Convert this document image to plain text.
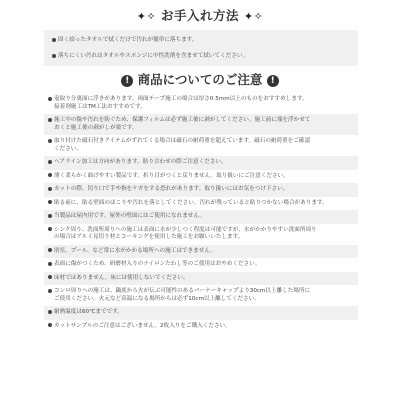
✦✧ お手入れ方法 ✦✧
固く絞ったタオルで拭くだけで汚れが簡単に落ちます。
落ちにくい汚れはタオルやスポンジに中性洗剤を含ませて拭いてください。
! 商品についてのご注意 !
壺取り分裏面に浮きがあります。両面テープ施工の場合は厚さ0.5mm以上のものをおすすめします。
接着剤施工はTM工法おすすめです。
施工中の傷や汚れを防ぐため、保護フィルムは必ず施工後に剥がしてください。施工前に端を浮かせて
おくと施工後の剥がしが楽です。
取り付けた磁石付きアイテムがずれてくる場合は磁石の耐荷重を超えています。磁石の耐荷重をご確認
ください。
ヘアライン加工は方向があります。貼り合わせの際ご注意ください。
薄く柔らかく曲げやすい製品です。折り目がつくと戻りません。取り扱いにご注意ください。
カットの際、切り口で手や指をケガをする恐れがあります。取り扱いにはお気をつけ下さい。
貼る前に、貼る壁面のほこりや汚れを落としてください。汚れが残っていると貼りつかない場合があります。
当製品は屋内用です。屋外の壁面にはご使用になれません。
シンク周り、洗面所周りへの施工は表面に水が少しつく程度は可能ですが、水がかかりやすい洗面所周り
の場合はアルミ見切り材とコーキングを使用した施工をお願いいたします。
浴室、プール、など常に水がかかる場所への施工はできません。
表面に傷がつくため、研磨材入りのナイロンたわし等のご使用はおやめください。
床材ではありません。床には使用しないでください。
コンロ周りへの施工は、鍋底から火が伝ぶ可能性のあるバーナーキャップより30cm以上離した場所に
ご使用ください。火元など高温になる場所からは必ず10cm以上離してください。
耐熱温度は60℃までです。
カットサンプルのご注意はございません。2枚入りをご購入ください。
